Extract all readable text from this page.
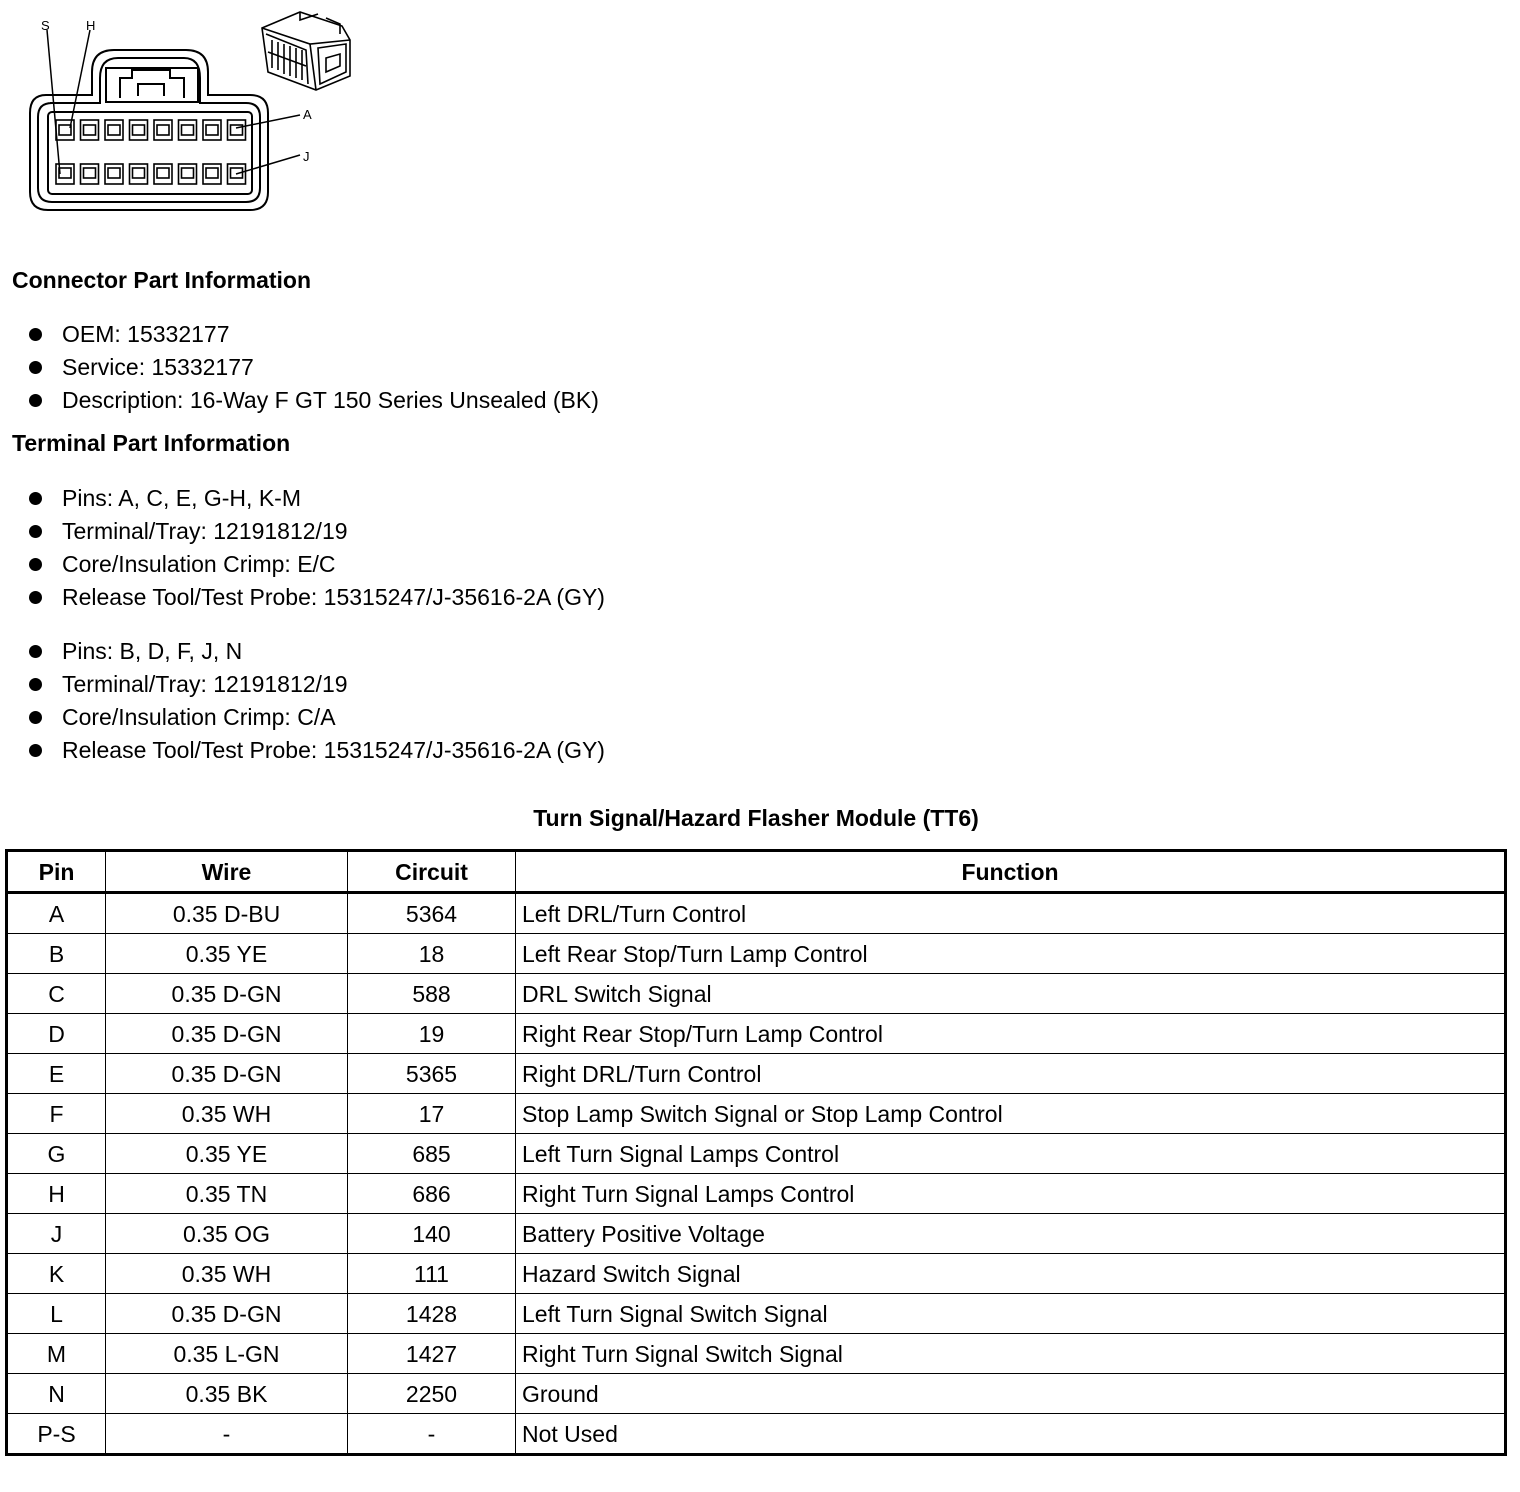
S	H
A
J
Connector Part Information
OEM: 15332177
Service: 15332177
Description: 16-Way F GT 150 Series Unsealed (BK)
Terminal Part Information
Pins: A, C, E, G-H, K-M
Terminal/Tray: 12191812/19
Core/Insulation Crimp: E/C
Release Tool/Test Probe: 15315247/J-35616-2A (GY)
Pins: B, D, F, J, N
Terminal/Tray: 12191812/19
Core/Insulation Crimp: C/A
Release Tool/Test Probe: 15315247/J-35616-2A (GY)
Turn Signal/Hazard Flasher Module (TT6)
Pin	Wire	Circuit	Function
A	0.35 D-BU	5364	Left DRL/Turn Control
B	0.35 YE	18	Left Rear Stop/Turn Lamp Control
C	0.35 D-GN	588	DRL Switch Signal
D	0.35 D-GN	19	Right Rear Stop/Turn Lamp Control
E	0.35 D-GN	5365	Right DRL/Turn Control
F	0.35 WH	17	Stop Lamp Switch Signal or Stop Lamp Control
G	0.35 YE	685	Left Turn Signal Lamps Control
H	0.35 TN	686	Right Turn Signal Lamps Control
J	0.35 OG	140	Battery Positive Voltage
K	0.35 WH	111	Hazard Switch Signal
L	0.35 D-GN	1428	Left Turn Signal Switch Signal
M	0.35 L-GN	1427	Right Turn Signal Switch Signal
N	0.35 BK	2250	Ground
P-S	-	-	Not Used
